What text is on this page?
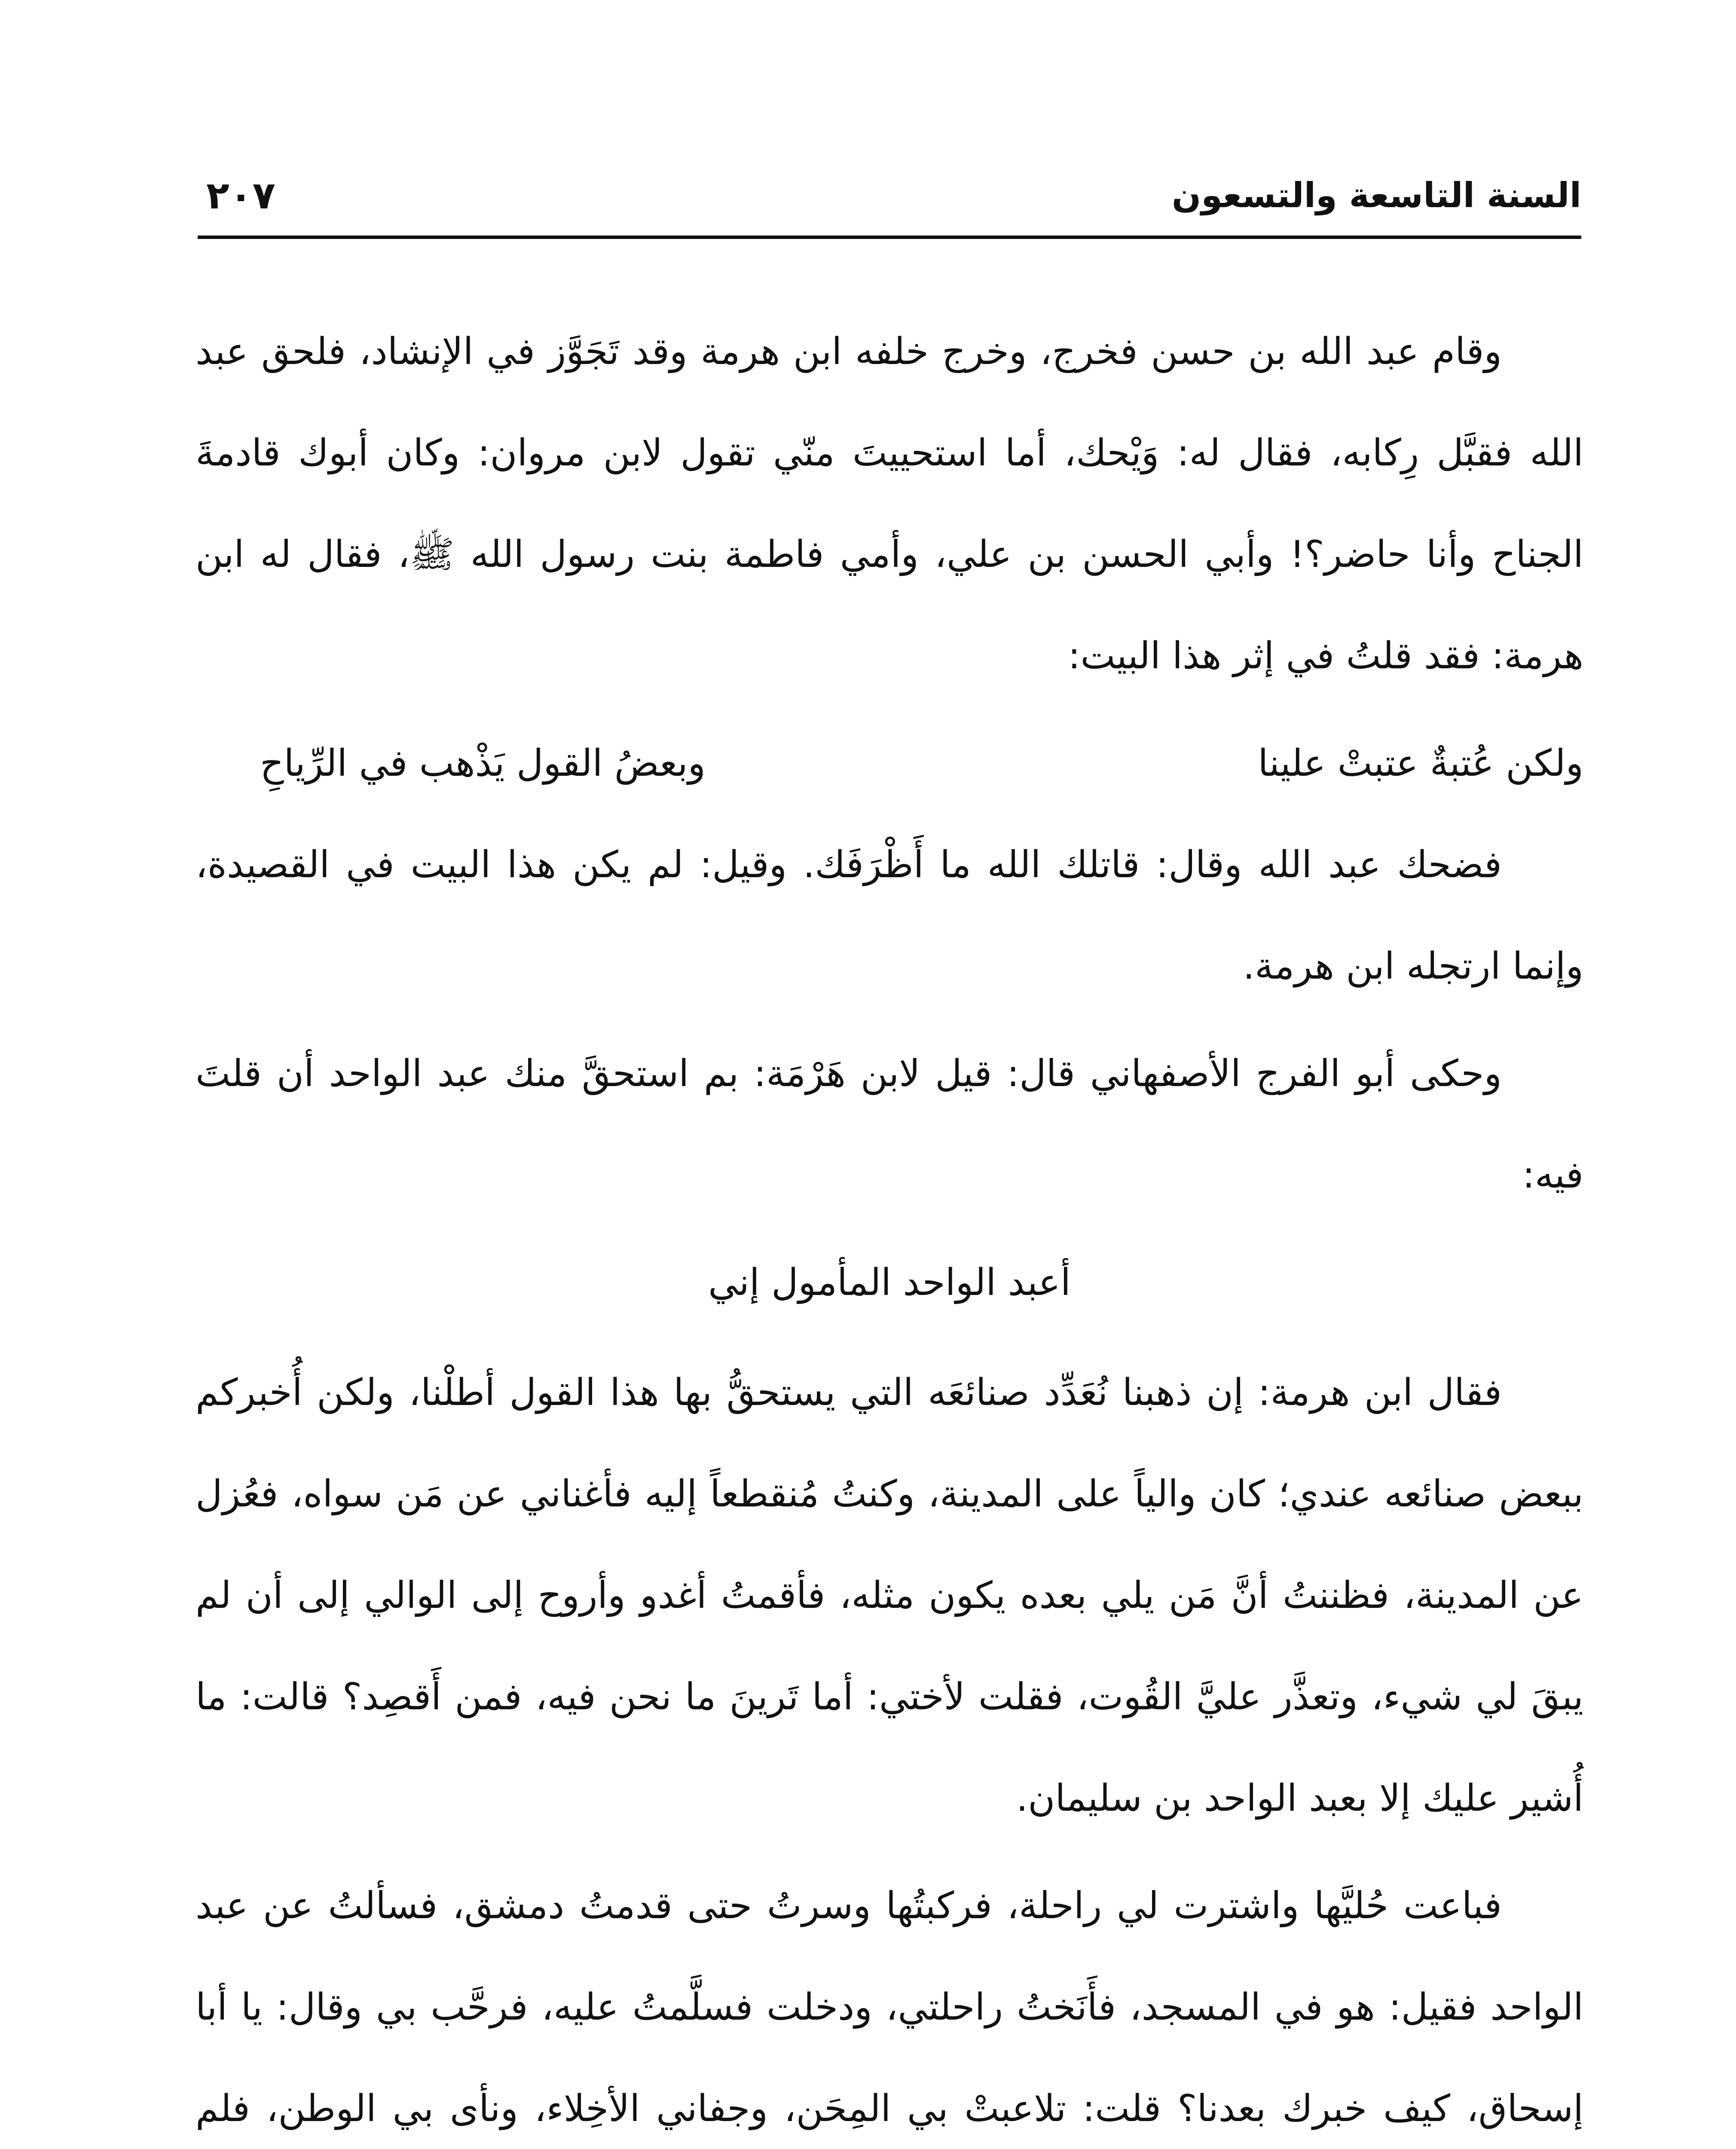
السنة التاسعة والتسعون
٢٠٧

وقام عبد الله بن حسن فخرج، وخرج خلفه ابن هرمة وقد تَجَوَّز في الإنشاد، فلحق عبد الله فقبَّل رِكابه، فقال له: وَيْحك، أما استحييتَ منّي تقول لابن مروان: وكان أبوك قادمةَ الجناح وأنا حاضر؟! وأبي الحسن بن علي، وأمي فاطمة بنت رسول الله ﷺ، فقال له ابن هرمة: فقد قلتُ في إثر هذا البيت:

ولكن عُتبةٌ عتبتْ علينا
وبعضُ القول يَذْهب في الرِّياحِ

فضحك عبد الله وقال: قاتلك الله ما أَظْرَفَك. وقيل: لم يكن هذا البيت في القصيدة، وإنما ارتجله ابن هرمة.

وحكى أبو الفرج الأصفهاني قال: قيل لابن هَرْمَة: بم استحقَّ منك عبد الواحد أن قلتَ فيه:

أعبد الواحد المأمول إني

فقال ابن هرمة: إن ذهبنا نُعَدِّد صنائعَه التي يستحقُّ بها هذا القول أطلْنا، ولكن أُخبركم ببعض صنائعه عندي؛ كان والياً على المدينة، وكنتُ مُنقطعاً إليه فأغناني عن مَن سواه، فعُزل عن المدينة، فظننتُ أنَّ مَن يلي بعده يكون مثله، فأقمتُ أغدو وأروح إلى الوالي إلى أن لم يبقَ لي شيء، وتعذَّر عليَّ القُوت، فقلت لأختي: أما تَرينَ ما نحن فيه، فمن أَقصِد؟ قالت: ما أُشير عليك إلا بعبد الواحد بن سليمان.

فباعت حُليَّها واشترت لي راحلة، فركبتُها وسرتُ حتى قدمتُ دمشق، فسألتُ عن عبد الواحد فقيل: هو في المسجد، فأَنَختُ راحلتي، ودخلت فسلَّمتُ عليه، فرحَّب بي وقال: يا أبا إسحاق، كيف خبرك بعدنا؟ قلت: تلاعبتْ بي المِحَن، وجفاني الأخِلاء، ونأى بي الوطن، فلم
